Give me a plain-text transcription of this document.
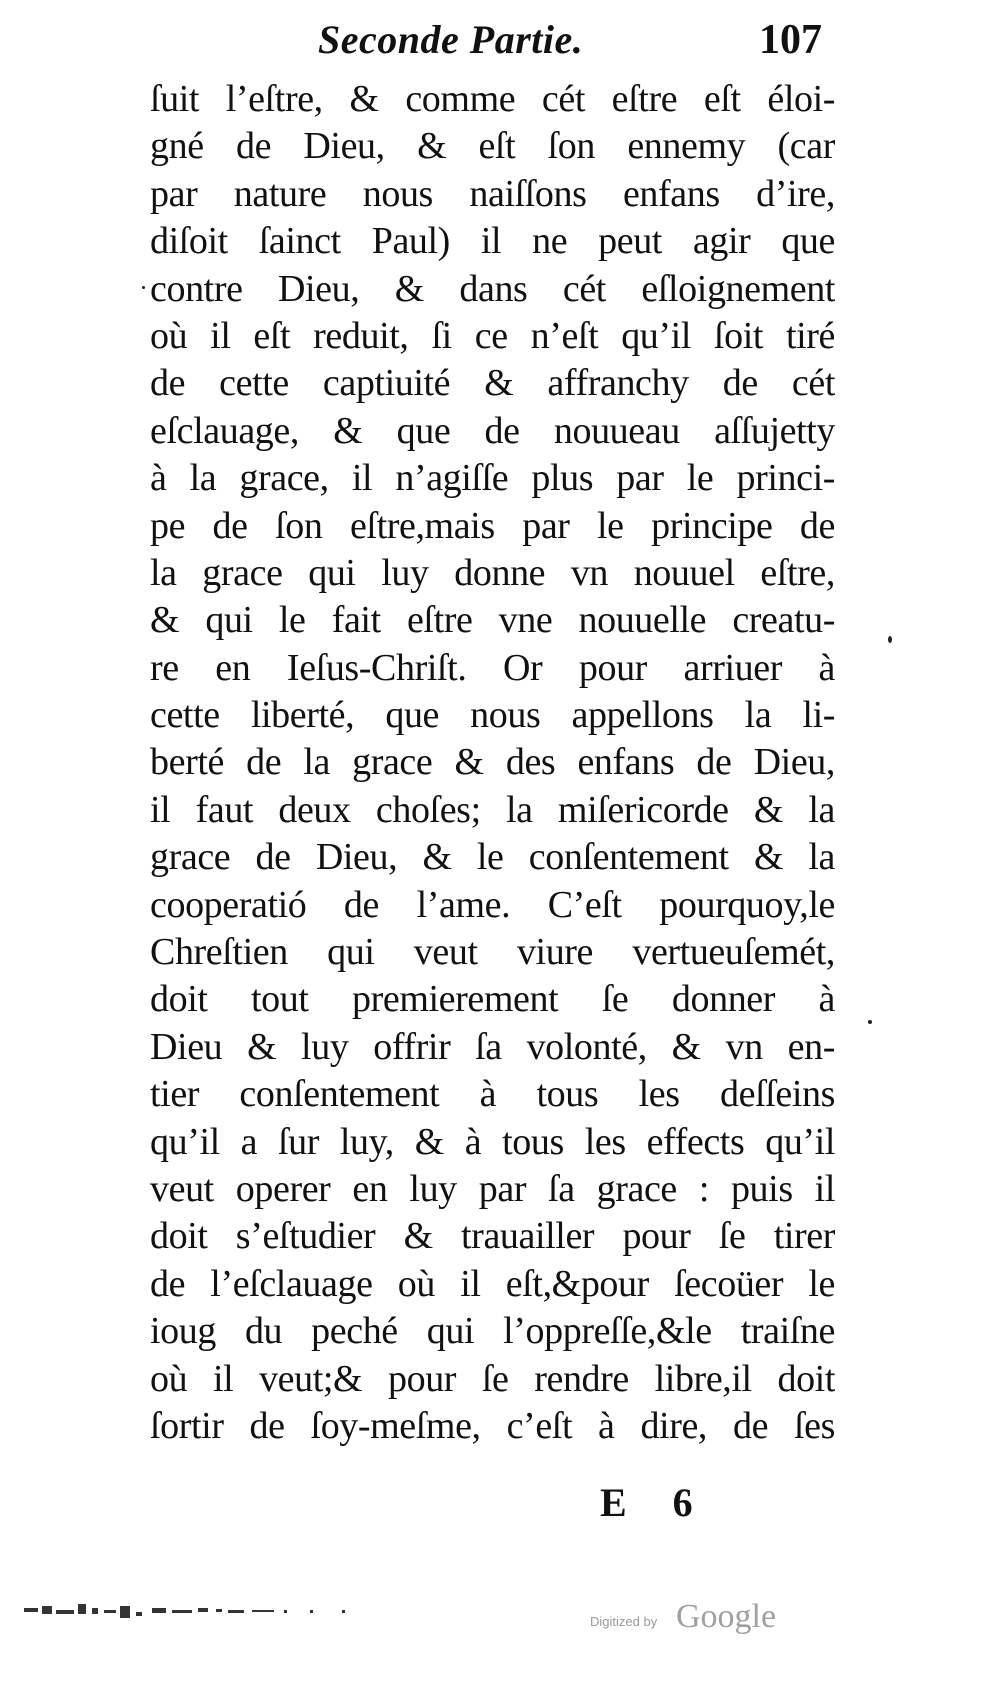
Seconde Partie.	107
ſuit l’eſtre, & comme cét eſtre eſt éloi-
gné de Dieu, & eſt ſon ennemy (car
par nature nous naiſſons enfans d’ire,
diſoit ſainct Paul) il ne peut agir que
contre Dieu, & dans cét eſloignement
où il eſt reduit, ſi ce n’eſt qu’il ſoit tiré
de cette captiuité & affranchy de cét
eſclauage, & que de nouueau aſſujetty
à la grace, il n’agiſſe plus par le princi-
pe de ſon eſtre,mais par le principe de
la grace qui luy donne vn nouuel eſtre,
& qui le fait eſtre vne nouuelle creatu-
re en Ieſus-Chriſt. Or pour arriuer à
cette liberté, que nous appellons la li-
berté de la grace & des enfans de Dieu,
il faut deux choſes; la miſericorde & la
grace de Dieu, & le conſentement & la
cooperatió de l’ame. C’eſt pourquoy,le
Chreſtien qui veut viure vertueuſemét,
doit tout premierement ſe donner à
Dieu & luy offrir ſa volonté, & vn en-
tier conſentement à tous les deſſeins
qu’il a ſur luy, & à tous les effects qu’il
veut operer en luy par ſa grace : puis il
doit s’eſtudier & trauailler pour ſe tirer
de l’eſclauage où il eſt,&pour ſecoüer le
ioug du peché qui l’oppreſſe,&le traiſne
où il veut;& pour ſe rendre libre,il doit
ſortir de ſoy-meſme, c’eſt à dire, de ſes
E 6
Digitized by Google
